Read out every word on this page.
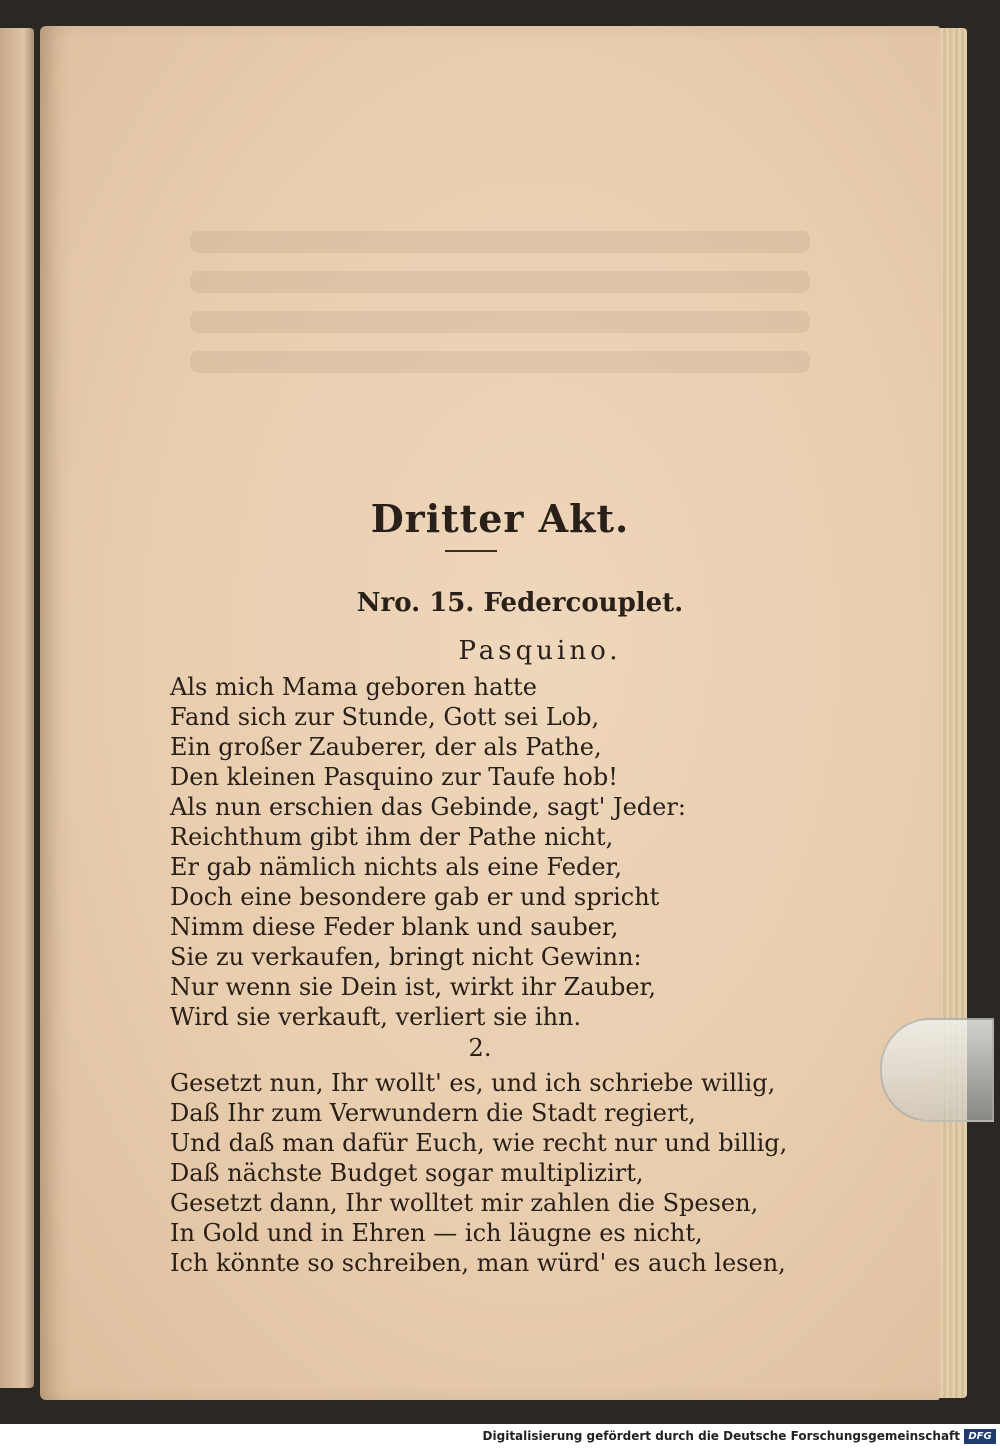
Dritter Akt.
Nro. 15. Federcouplet.
Pasquino.
Als mich Mama geboren hatte
Fand sich zur Stunde, Gott sei Lob,
Ein großer Zauberer, der als Pathe,
Den kleinen Pasquino zur Taufe hob!
Als nun erschien das Gebinde, sagt' Jeder:
Reichthum gibt ihm der Pathe nicht,
Er gab nämlich nichts als eine Feder,
Doch eine besondere gab er und spricht
Nimm diese Feder blank und sauber,
Sie zu verkaufen, bringt nicht Gewinn:
Nur wenn sie Dein ist, wirkt ihr Zauber,
Wird sie verkauft, verliert sie ihn.
2.
Gesetzt nun, Ihr wollt' es, und ich schriebe willig,
Daß Ihr zum Verwundern die Stadt regiert,
Und daß man dafür Euch, wie recht nur und billig,
Daß nächste Budget sogar multiplizirt,
Gesetzt dann, Ihr wolltet mir zahlen die Spesen,
In Gold und in Ehren — ich läugne es nicht,
Ich könnte so schreiben, man würd' es auch lesen,
Digitalisierung gefördert durch die Deutsche Forschungsgemeinschaft DFG
